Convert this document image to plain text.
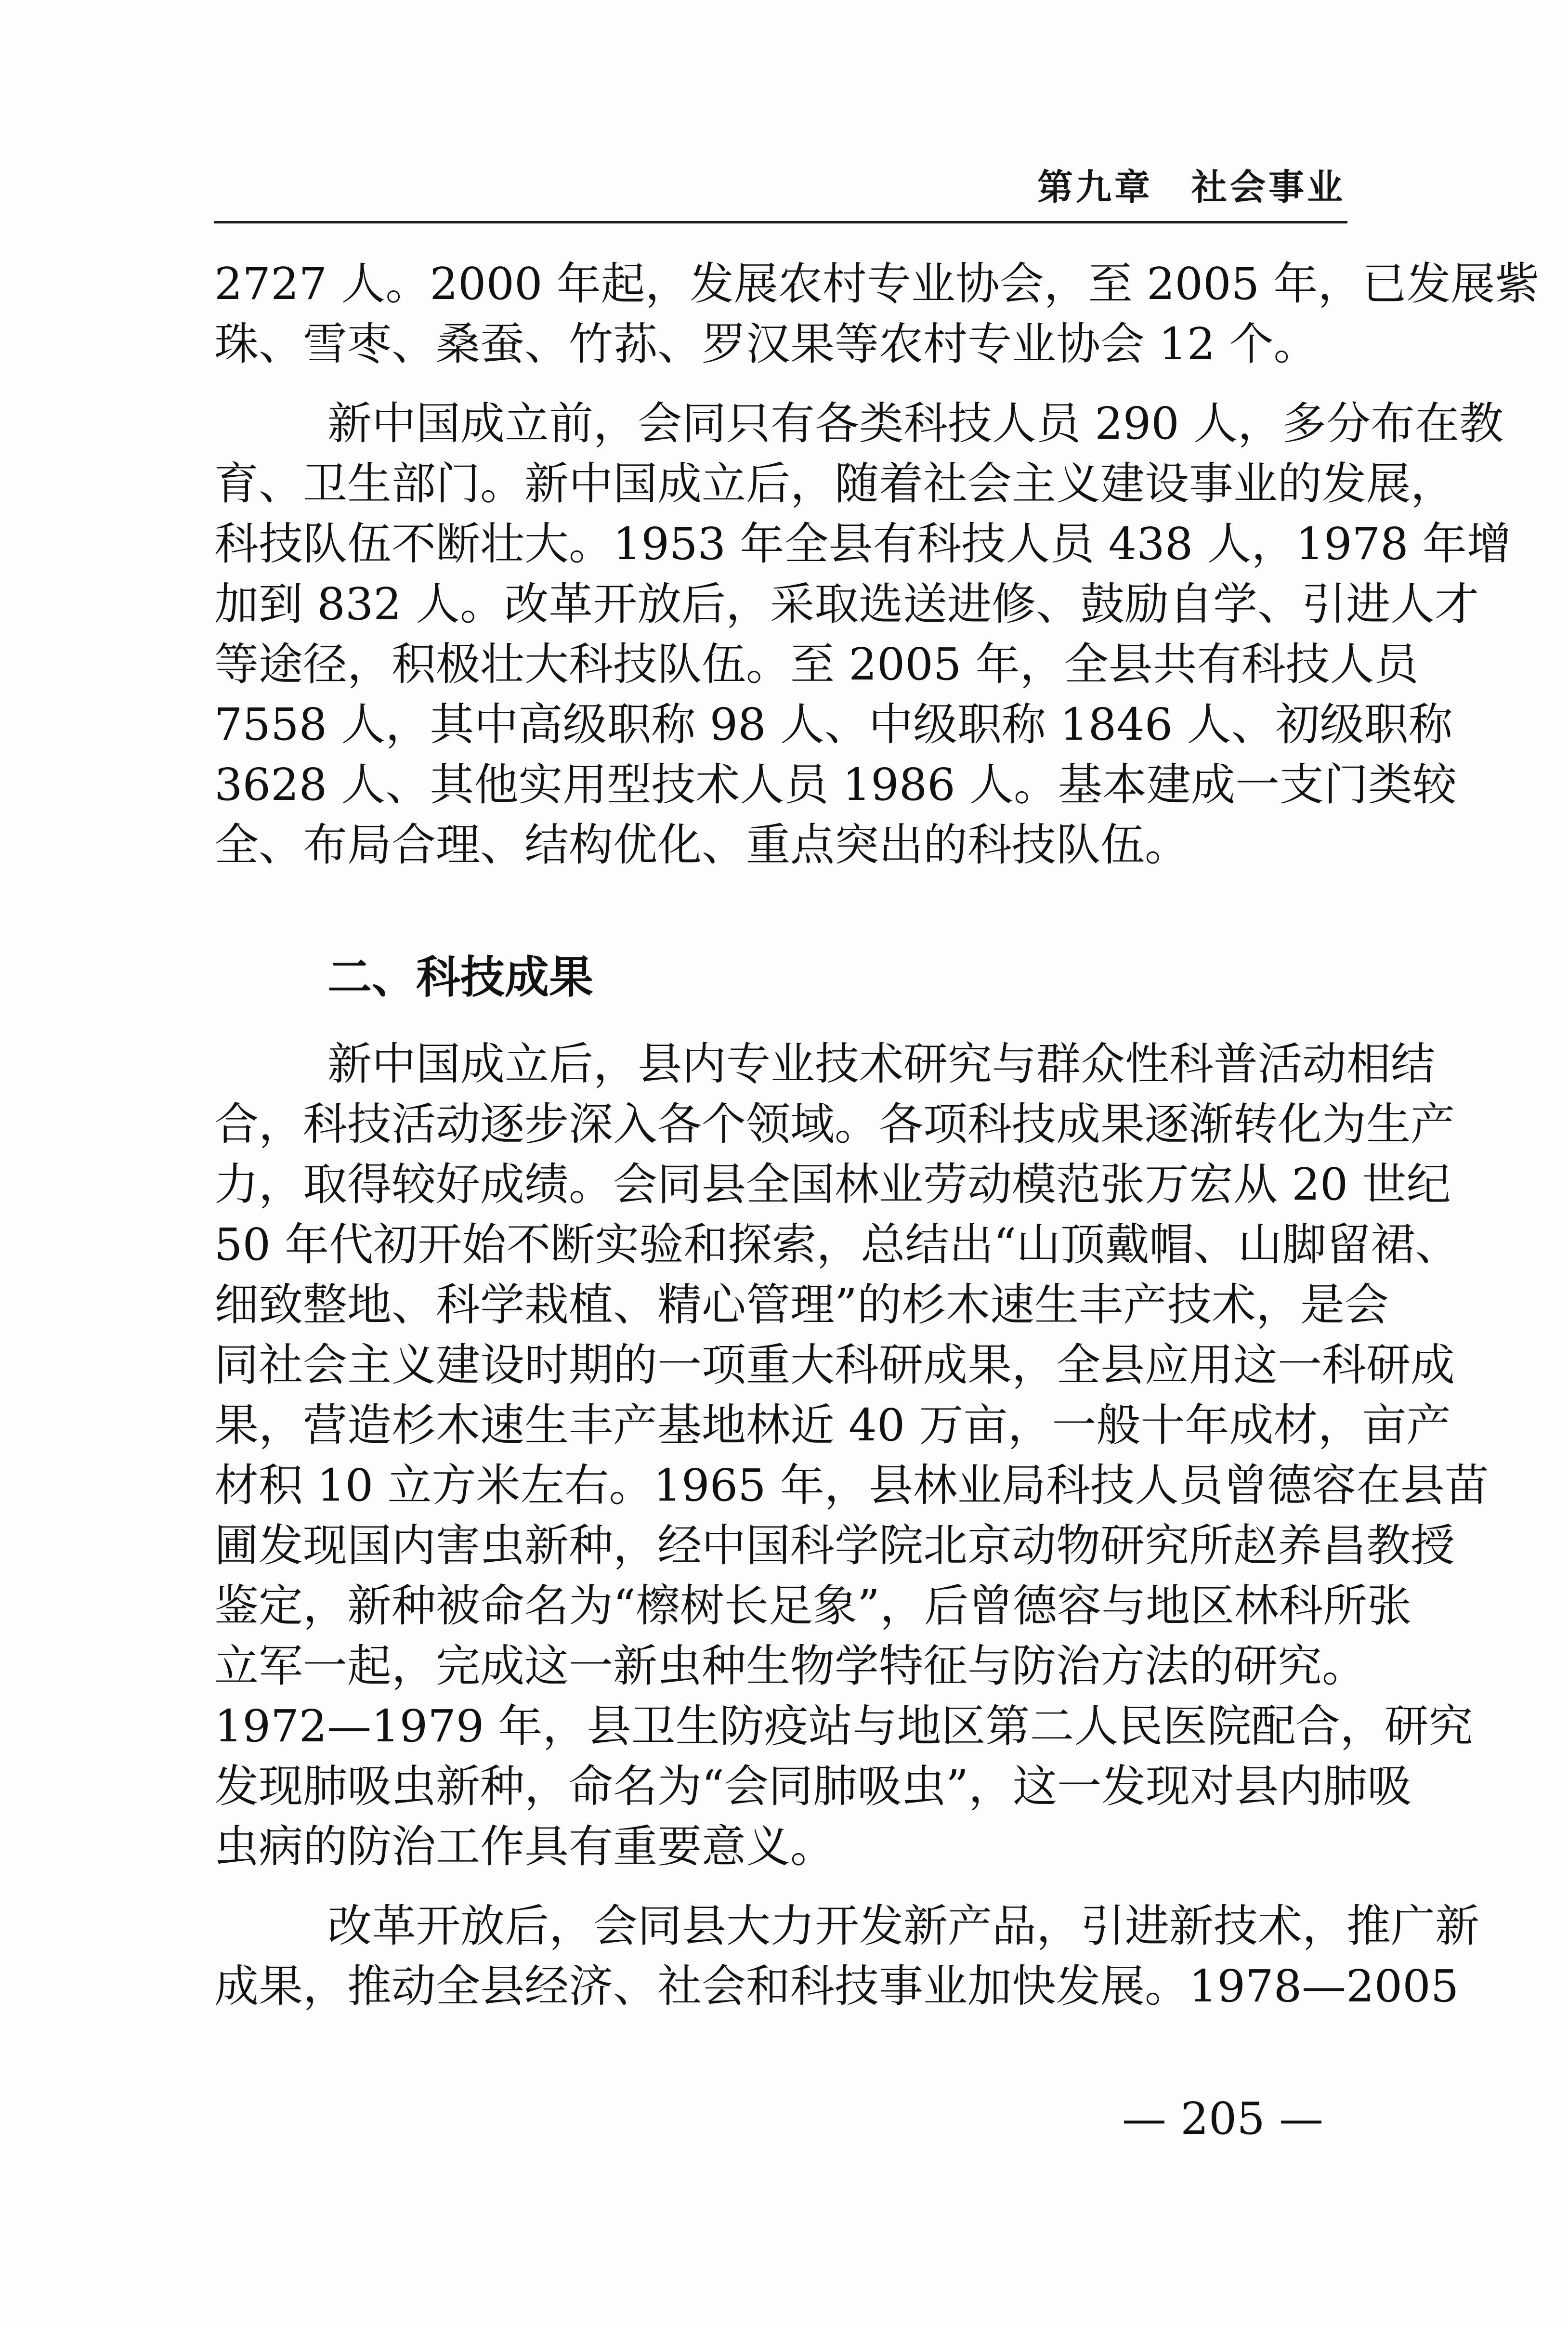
第九章　社会事业
2727 人。2000 年起，发展农村专业协会，至 2005 年，已发展紫
珠、雪枣、桑蚕、竹荪、罗汉果等农村专业协会 12 个。
新中国成立前，会同只有各类科技人员 290 人，多分布在教
育、卫生部门。新中国成立后，随着社会主义建设事业的发展，
科技队伍不断壮大。1953 年全县有科技人员 438 人，1978 年增
加到 832 人。改革开放后，采取选送进修、鼓励自学、引进人才
等途径，积极壮大科技队伍。至 2005 年，全县共有科技人员
7558 人，其中高级职称 98 人、中级职称 1846 人、初级职称
3628 人、其他实用型技术人员 1986 人。基本建成一支门类较
全、布局合理、结构优化、重点突出的科技队伍。
二、科技成果
新中国成立后，县内专业技术研究与群众性科普活动相结
合，科技活动逐步深入各个领域。各项科技成果逐渐转化为生产
力，取得较好成绩。会同县全国林业劳动模范张万宏从 20 世纪
50 年代初开始不断实验和探索，总结出“山顶戴帽、山脚留裙、
细致整地、科学栽植、精心管理”的杉木速生丰产技术，是会
同社会主义建设时期的一项重大科研成果，全县应用这一科研成
果，营造杉木速生丰产基地林近 40 万亩，一般十年成材，亩产
材积 10 立方米左右。1965 年，县林业局科技人员曾德容在县苗
圃发现国内害虫新种，经中国科学院北京动物研究所赵养昌教授
鉴定，新种被命名为“檫树长足象”，后曾德容与地区林科所张
立军一起，完成这一新虫种生物学特征与防治方法的研究。
1972—1979 年，县卫生防疫站与地区第二人民医院配合，研究
发现肺吸虫新种，命名为“会同肺吸虫”，这一发现对县内肺吸
虫病的防治工作具有重要意义。
改革开放后，会同县大力开发新产品，引进新技术，推广新
成果，推动全县经济、社会和科技事业加快发展。1978—2005
— 205 —
